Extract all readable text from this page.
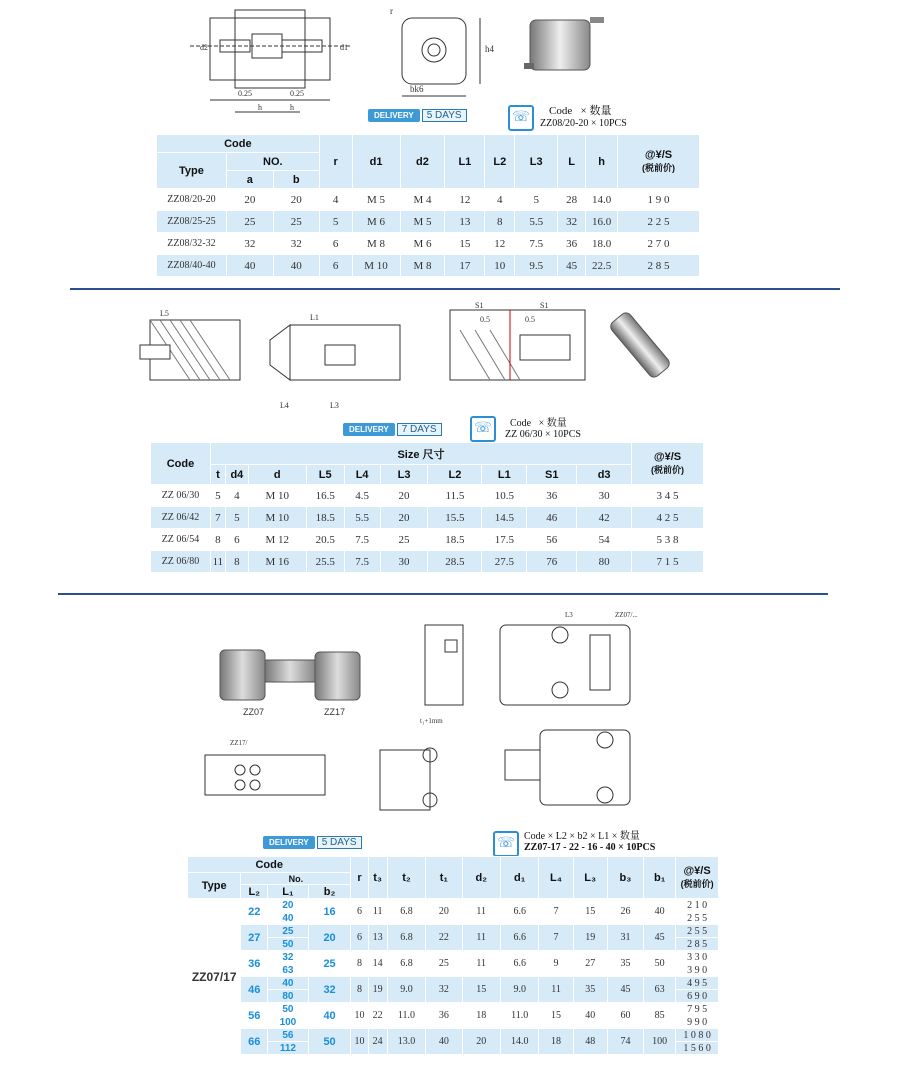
bk6
h4
r
0.25	0.25
h	h
d2	d1
DELIVERY	5 DAYS	☏	Code × 数量
ZZ08/20-20 × 10PCS
Code			r	d1	d2	L1	L2	L3	L	h	@¥/S
(税前价)

Type	NO.										
	a	b									
ZZ08/20-20	20	20	4	M 5	M 4	12	4	5	28	14.0	1 9 0
ZZ08/25-25	25	25	5	M 6	M 5	13	8	5.5	32	16.0	2 2 5
ZZ08/32-32	32	32	6	M 8	M 6	15	12	7.5	36	18.0	2 7 0
ZZ08/40-40	40	40	6	M 10	M 8	17	10	9.5	45	22.5	2 8 5
L5	L1
S1	S1
0.5	0.5
L3
L4
DELIVERY	7 DAYS	☏	Code × 数量
ZZ 06/30 × 10PCS
Code	Size 尺寸										@¥/S
(税前价)

	t	d4	d	L5	L4	L3	L2	L1	S1	d3	
ZZ 06/30	5	4	M 10	16.5	4.5	20	11.5	10.5	36	30	3 4 5
ZZ 06/42	7	5	M 10	18.5	5.5	20	15.5	14.5	46	42	4 2 5
ZZ 06/54	8	6	M 12	20.5	7.5	25	18.5	17.5	56	54	5 3 8
ZZ 06/80	11	8	M 16	25.5	7.5	30	28.5	27.5	76	80	7 1 5
ZZ07	ZZ17
t₁+1mm
L3	ZZ07/...
ZZ17/
DELIVERY	5 DAYS	☏ Code × L2 × b2 × L1 × 数量
ZZ07-17 - 22 - 16 - 40 × 10PCS
Code				r	t₃	t₂	t₁	d₂	d₁	L₄	L₃	b₃	b₁	@¥/S
(税前价)

Type	No.													
	L₂	L₁	b₂											
ZZ07/17	22	20	16	6	11	6.8	20	11	6.6	7	15	26	40	2 1 0
		40												2 5 5
	27	25	20	6	13	6.8	22	11	6.6	7	19	31	45	2 5 5
		50												2 8 5
	36	32	25	8	14	6.8	25	11	6.6	9	27	35	50	3 3 0
		63												3 9 0
	46	40	32	8	19	9.0	32	15	9.0	11	35	45	63	4 9 5
		80												6 9 0
	56	50	40	10	22	11.0	36	18	11.0	15	40	60	85	7 9 5
		100												9 9 0
	66	56	50	10	24	13.0	40	20	14.0	18	48	74	100	1 0 8 0
		112												1 5 6 0
